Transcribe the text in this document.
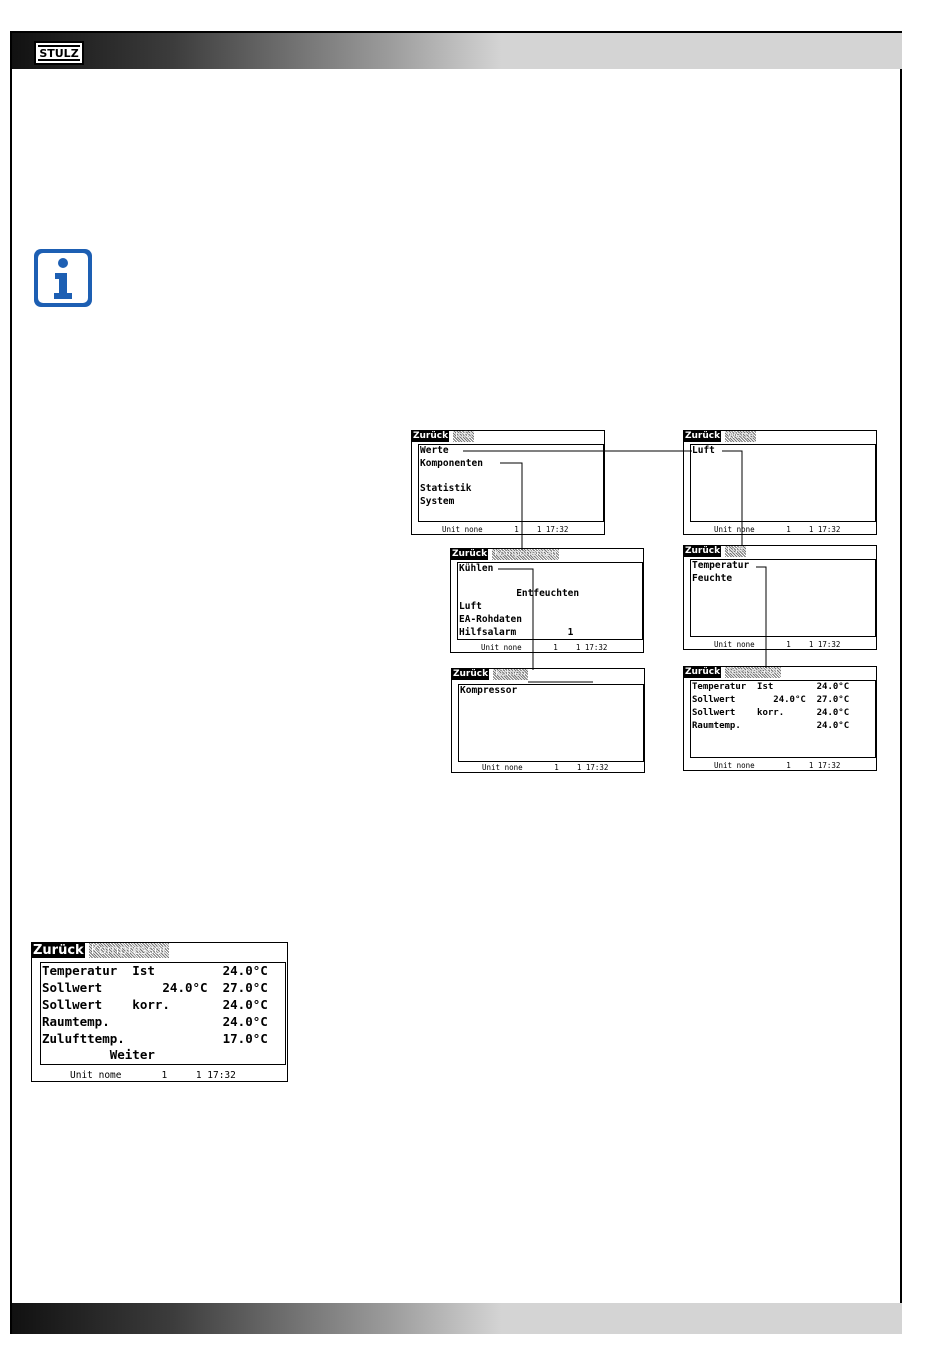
STULZ
Zurück Info
Werte
Komponenten
Statistik
System
Unit none       1    1 17:32
Zurück Werte
Luft
Unit none       1    1 17:32
Zurück Komponenten
Kühlen
Entfeuchten
Luft
EA-Rohdaten
Hilfsalarm         1
Unit none       1    1 17:32
Zurück Luft
Temperatur
Feuchte
Unit none       1    1 17:32
Zurück Kühlen
Kompressor
Unit none       1    1 17:32
Zurück Temperatur
Temperatur  Ist        24.0°C
Sollwert       24.0°C  27.0°C
Sollwert    korr.      24.0°C
Raumtemp.              24.0°C
Unit none       1    1 17:32
Zurück Kompressor
Temperatur  Ist         24.0°C
Sollwert        24.0°C  27.0°C
Sollwert    korr.       24.0°C
Raumtemp.               24.0°C
Zulufttemp.             17.0°C
Weiter
Unit nome       1     1 17:32
